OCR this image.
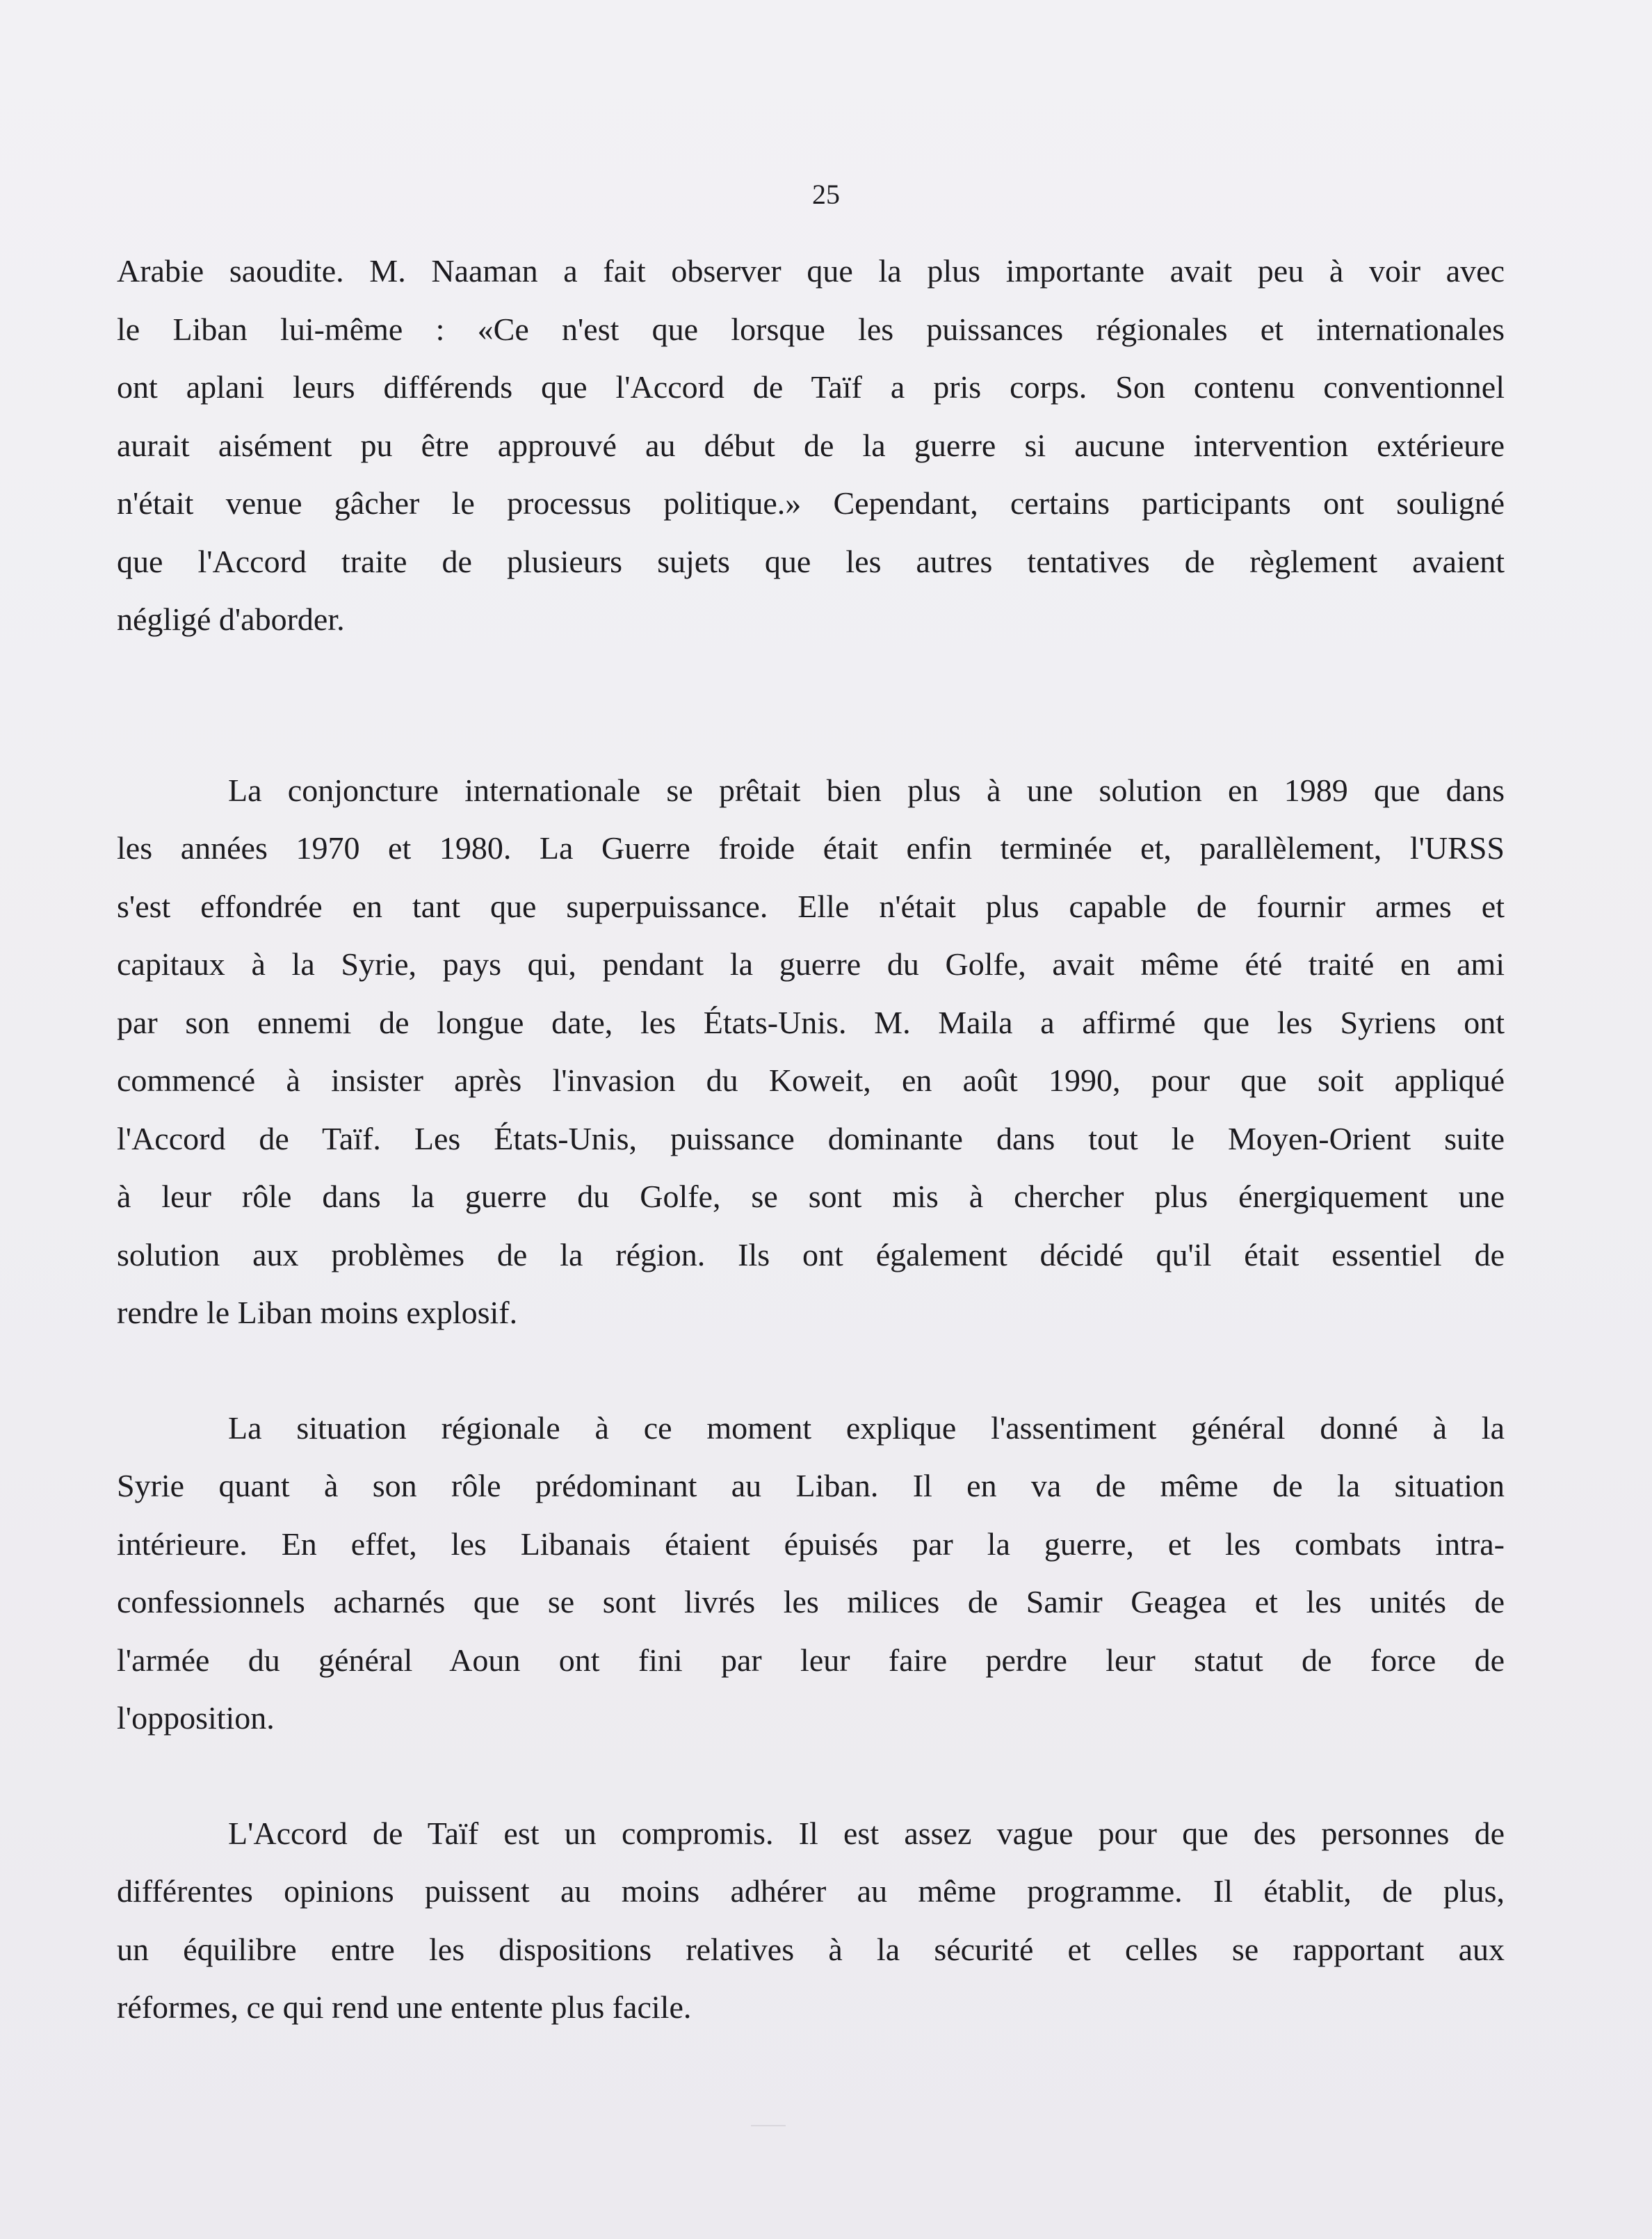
25

Arabie saoudite. M. Naaman a fait observer que la plus importante avait peu à voir avec
le Liban lui-même : «Ce n'est que lorsque les puissances régionales et internationales
ont aplani leurs différends que l'Accord de Taïf a pris corps. Son contenu conventionnel
aurait aisément pu être approuvé au début de la guerre si aucune intervention extérieure
n'était venue gâcher le processus politique.» Cependant, certains participants ont souligné
que l'Accord traite de plusieurs sujets que les autres tentatives de règlement avaient
négligé d'aborder.

La conjoncture internationale se prêtait bien plus à une solution en 1989 que dans
les années 1970 et 1980. La Guerre froide était enfin terminée et, parallèlement, l'URSS
s'est effondrée en tant que superpuissance. Elle n'était plus capable de fournir armes et
capitaux à la Syrie, pays qui, pendant la guerre du Golfe, avait même été traité en ami
par son ennemi de longue date, les États-Unis. M. Maila a affirmé que les Syriens ont
commencé à insister après l'invasion du Koweit, en août 1990, pour que soit appliqué
l'Accord de Taïf. Les États-Unis, puissance dominante dans tout le Moyen-Orient suite
à leur rôle dans la guerre du Golfe, se sont mis à chercher plus énergiquement une
solution aux problèmes de la région. Ils ont également décidé qu'il était essentiel de
rendre le Liban moins explosif.

La situation régionale à ce moment explique l'assentiment général donné à la
Syrie quant à son rôle prédominant au Liban. Il en va de même de la situation
intérieure. En effet, les Libanais étaient épuisés par la guerre, et les combats intra-
confessionnels acharnés que se sont livrés les milices de Samir Geagea et les unités de
l'armée du général Aoun ont fini par leur faire perdre leur statut de force de
l'opposition.

L'Accord de Taïf est un compromis. Il est assez vague pour que des personnes de
différentes opinions puissent au moins adhérer au même programme. Il établit, de plus,
un équilibre entre les dispositions relatives à la sécurité et celles se rapportant aux
réformes, ce qui rend une entente plus facile.
